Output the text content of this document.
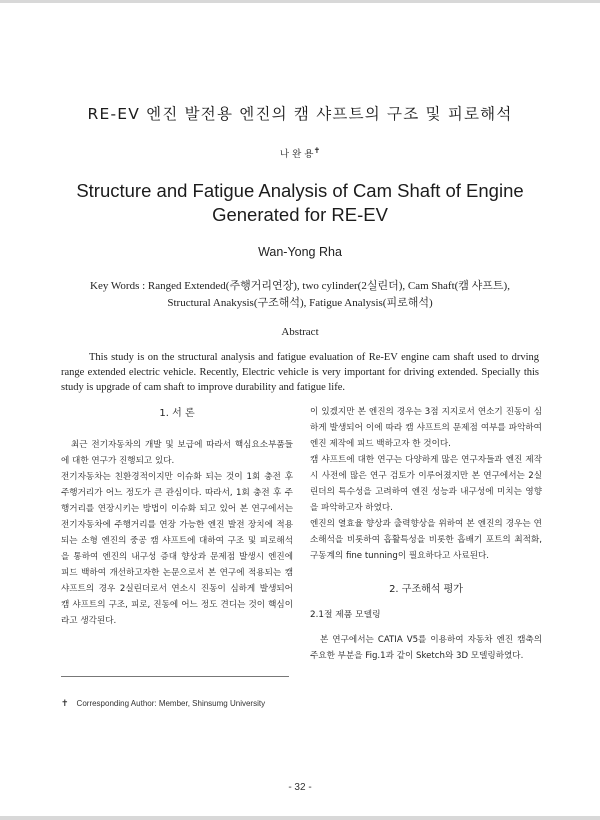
RE-EV 엔진 발전용 엔진의 캠 샤프트의 구조 및 피로해석
나 완 용✝
Structure and Fatigue Analysis of Cam Shaft of Engine
Generated for RE-EV
Wan-Yong Rha
Key Words : Ranged Extended(주행거리연장), two cylinder(2실린더), Cam Shaft(캠 샤프트),
Structural Anakysis(구조해석), Fatigue Analysis(피로해석)
Abstract

This study is on the structural analysis and fatigue evaluation of Re-EV engine cam shaft used to drving range extended electric vehicle. Recently, Electric vehicle is very important for driving extended. Specially this study is upgrade of cam shaft to improve durability and fatigue life.

1. 서 론

최근 전기자동차의 개발 및 보급에 따라서 핵심요소부품들에 대한 연구가 진행되고 있다.

전기자동차는 친환경적이지만 이슈화 되는 것이 1회 충전 후 주행거리가 어느 정도가 큰 관심이다. 따라서, 1회 충전 후 주행거리를 연장시키는 방법이 이슈화 되고 있어 본 연구에서는 전기자동차에 주행거리를 연장 가능한 엔진 발전 장치에 적용되는 소형 엔진의 중공 캠 샤프트에 대하여 구조 및 피로해석을 통하여 엔진의 내구성 증대 향상과 문제점 발생시 엔진에 피드 백하여 개선하고자한 논문으로서 본 연구에 적용되는 캠 샤프트의 경우 2실린더로서 연소시 진동이 심하게 발생되어 캠 샤프트의 구조, 피로, 진동에 어느 정도 견디는 것이 핵심이라고 생각된다.

이 있겠지만 본 엔진의 경우는 3점 지지로서 연소기 진동이 심하게 발생되어 이에 따라 캠 샤프트의 문제점 여부를 파악하여 엔진 제작에 피드 백하고자 한 것이다.

캠 샤프트에 대한 연구는 다양하게 많은 연구자들과 엔진 제작시 사전에 많은 연구 검토가 이루어졌지만 본 연구에서는 2실린더의 특수성을 고려하여 엔진 성능과 내구성에 미치는 영향을 파악하고자 하였다.

엔진의 열효율 향상과 출력향상을 위하여 본 엔진의 경우는 연소해석을 비롯하여 흡활특성을 비롯한 흡배기 포트의 최적화, 구동계의 fine tunning이 필요하다고 사료된다.

2. 구조해석 평가

2.1절 제품 모델링

본 연구에서는 CATIA V5를 이용하여 자동차 엔진 캠축의 주요한 부분을 Fig.1과 같이 Sketch와 3D 모델링하였다.

✝ Corresponding Author: Member, Shinsumg University
- 32 -
